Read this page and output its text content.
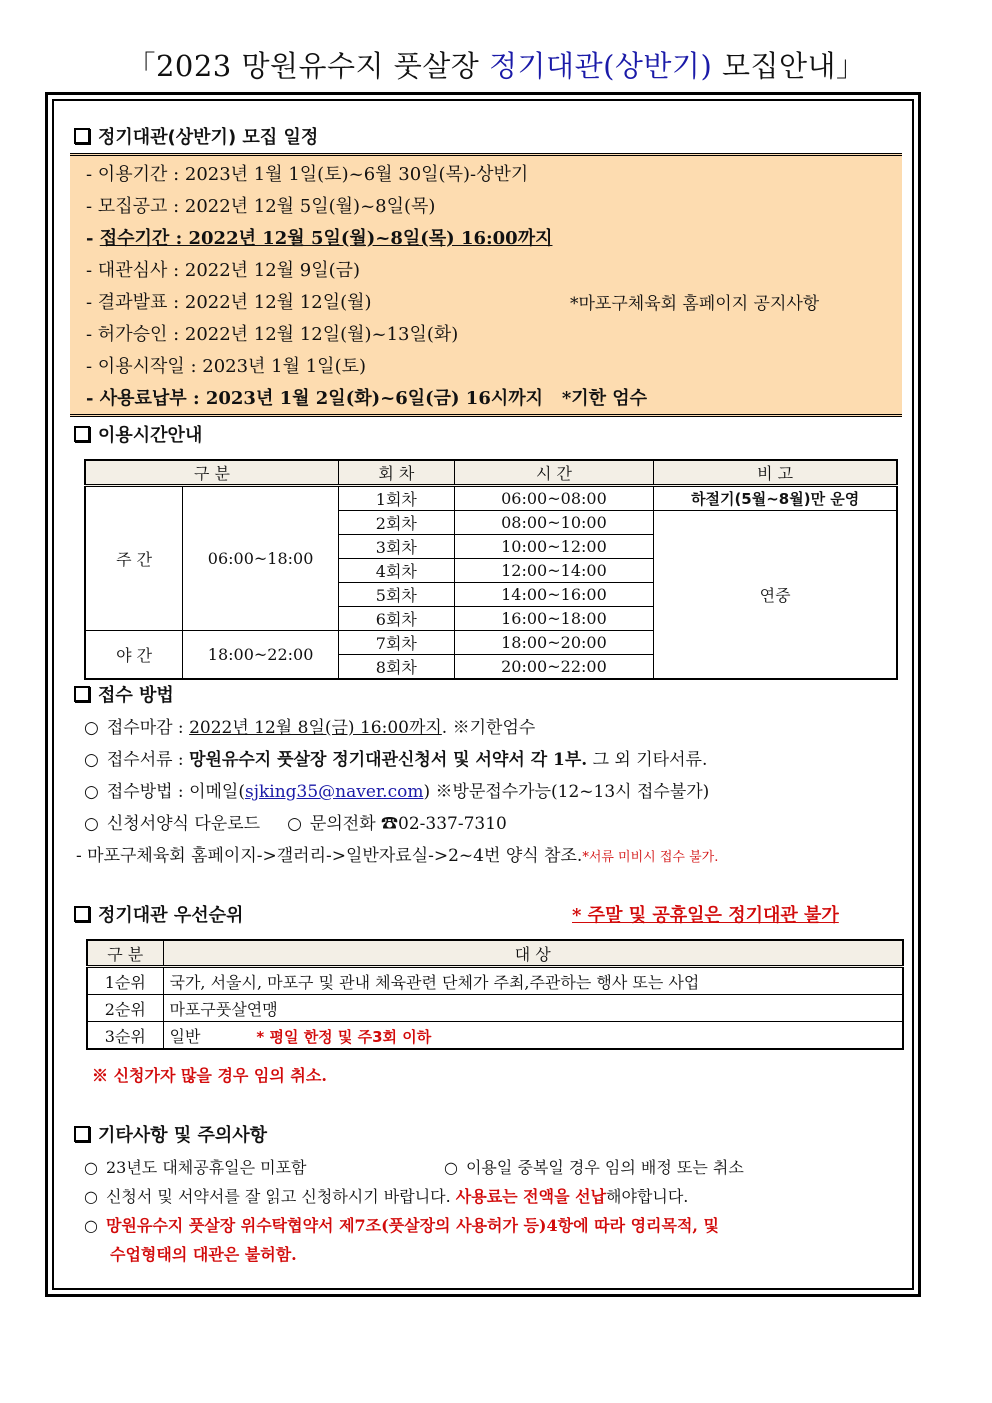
「2023 망원유수지 풋살장 정기대관(상반기) 모집안내」
정기대관(상반기) 모집 일정
- 이용기간 : 2023년 1월 1일(토)~6월 30일(목)-상반기
- 모집공고 : 2022년 12월 5일(월)~8일(목)
- 접수기간 : 2022년 12월 5일(월)~8일(목) 16:00까지
- 대관심사 : 2022년 12월 9일(금)
- 결과발표 : 2022년 12월 12일(월)	*마포구체육회 홈페이지 공지사항
- 허가승인 : 2022년 12월 12일(월)~13일(화)
- 이용시작일 : 2023년 1월 1일(토)
- 사용료납부 : 2023년 1월 2일(화)~6일(금) 16시까지 *기한 엄수
이용시간안내
구 분		회 차	시 간	비 고
주 간	06:00~18:00	1회차	06:00~08:00	하절기(5월~8월)만 운영
		2회차	08:00~10:00	연중
		3회차	10:00~12:00	
		4회차	12:00~14:00	
		5회차	14:00~16:00	
		6회차	16:00~18:00	
야 간	18:00~22:00	7회차	18:00~20:00	
		8회차	20:00~22:00	
접수 방법
○ 접수마감 : 2022년 12월 8일(금) 16:00까지. ※기한엄수
○ 접수서류 : 망원유수지 풋살장 정기대관신청서 및 서약서 각 1부. 그 외 기타서류.
○ 접수방법 : 이메일(sjking35@naver.com) ※방문접수가능(12~13시 접수불가)
○ 신청서양식 다운로드 ○ 문의전화 ☎02-337-7310
- 마포구체육회 홈페이지->갤러리->일반자료실->2~4번 양식 참조.*서류 미비시 접수 불가.
정기대관 우선순위	* 주말 및 공휴일은 정기대관 불가
구 분	대 상
1순위	국가, 서울시, 마포구 및 관내 체육관련 단체가 주최,주관하는 행사 또는 사업
2순위	마포구풋살연맹
3순위	일반 * 평일 한정 및 주3회 이하
※ 신청가자 많을 경우 임의 취소.
기타사항 및 주의사항
○ 23년도 대체공휴일은 미포함	○ 이용일 중복일 경우 임의 배정 또는 취소
○ 신청서 및 서약서를 잘 읽고 신청하시기 바랍니다. 사용료는 전액을 선납해야합니다.
○ 망원유수지 풋살장 위수탁협약서 제7조(풋살장의 사용허가 등)4항에 따라 영리목적, 및
수업형태의 대관은 불허함.
